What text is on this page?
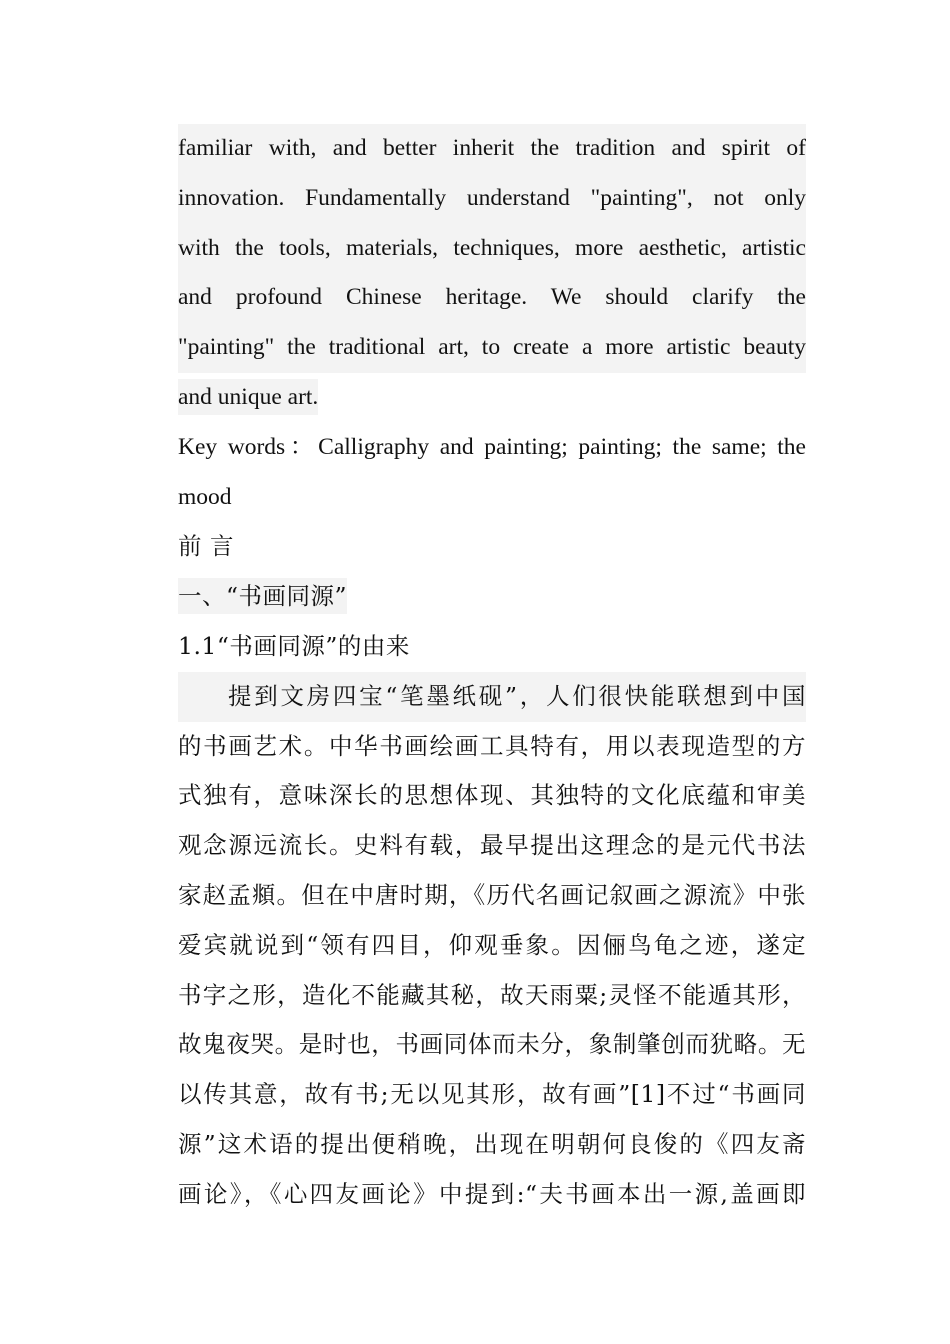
familiar with, and better inherit the tradition and spirit of
innovation. Fundamentally understand "painting", not only
with the tools, materials, techniques, more aesthetic, artistic
and profound Chinese heritage. We should clarify the
"painting" the traditional art, to create a more artistic beauty
and unique art.
Key words：Calligraphy and painting; painting; the same; the
mood
前 言
一、“书画同源”
1.1“书画同源”的由来
提到文房四宝“笔墨纸砚”，人们很快能联想到中国
的书画艺术。中华书画绘画工具特有，用以表现造型的方
式独有，意味深长的思想体现、其独特的文化底蕴和审美
观念源远流长。史料有载，最早提出这理念的是元代书法
家赵孟頫。但在中唐时期，《历代名画记叙画之源流》中张
爱宾就说到“领有四目，仰观垂象。因俪鸟龟之迹，遂定
书字之形，造化不能藏其秘，故天雨粟;灵怪不能遁其形，
故鬼夜哭。是时也，书画同体而未分，象制肇创而犹略。无
以传其意，故有书;无以见其形，故有画”[1]不过“书画同
源”这术语的提出便稍晚，出现在明朝何良俊的《四友斋
画论》，《心四友画论》中提到:“夫书画本出一源,盖画即
